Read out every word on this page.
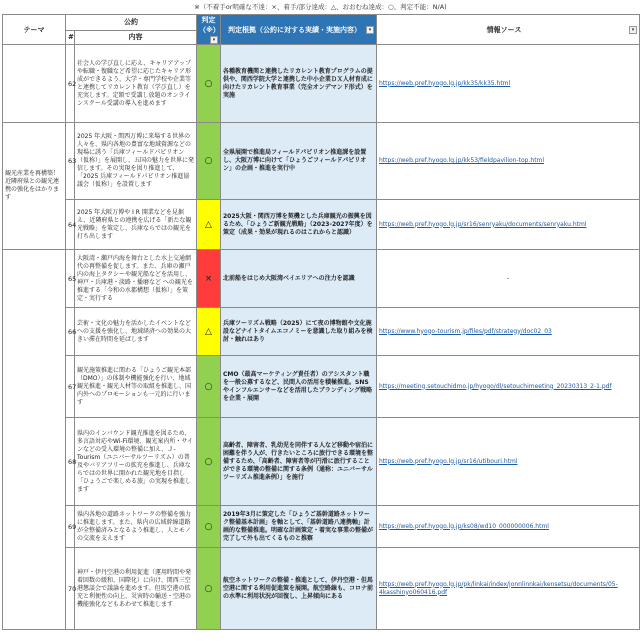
※（不着手or明確な不達：×、着手/部分達成：△、おおむね達成：○、判定不能：N/A)
テーマ	公約		判定（※）
▾	判定根拠（公約に対する実績・実施内容） ▾	情報ソース ▾

	#	内容			
	62	社会人の学び直しに応え、キャリアアップや転職・復職など希望に応じたキャリア形成ができるよう、大学・専門学校や企業等と連携してリカレント教育（学び直し）を充実します。定額で受講し放題のオンラインスクール受講の導入を進めます	○	各種教育機関と連携したリカレント教育プログラムの提供や、関西学院大学と連携した中小企業ＤＸ人材育成に向けたリカレント教育事業（完全オンデマンド形式）を実施	https://web.pref.hyogo.lg.jp/kk35/kk35.html
観光産業を再構築！ 近隣府県との観光連携の強化をはかります	63	2025 年大阪・関西万博に来場する世界の人々を、県内各地の豊富な地域資源などの現場に誘う「兵庫フィールドパビリオン（仮称）」を展開し、五国の魅力を世界に発信します。その実現を図り推進して、「2025 兵庫フィールドパビリオン推進協議会（仮称）」を設置します	○	全県展開で推進局フィールドパビリオン推進課を設置し、大阪万博に向けて「ひょうごフィールドパビリオン」の企画・推進を実行中	https://web.pref.hyogo.lg.jp/kk53/fieldpavilion-top.html
	64	2025 年大阪万博や I R 開業などを見据え、近隣府県との連携を広げる「新たな観光戦略」を策定し、兵庫ならではの観光を打ち出します	△	2025大阪・関西万博を契機とした兵庫観光の振興を図るため、「ひょうご新観光戦略」（2023-2027年度）を策定（成果・効果が現れるのはこれからと認識）	https://web.pref.hyogo.lg.jp/sr16/senryaku/documents/senryaku.html
	65	大阪湾・瀬戸内海を舞台とした水上交通網代の再整備を促します。また、兵庫の瀬戸内の海上タクシーや観光船などを活用し、神戸・兵庫港・淡路・播磨など への観光を推進する「今和の水都構想（仮称）」を策定・実行する	×	北前船をはじめ大阪湾ベイエリアへの注力を認識	-
	66	芸術・文化の魅力を活かしたイベントなどへの支援を強化し、地域経済への効果の大きい滞在時間を延ばします	△	兵庫ツーリズム戦略（2025）にて夜の博物館や文化施設などナイトタイムエコノミーを意識した取り組みを検討・触れはあり	https://www.hyogo-tourism.jp/files/pdf/strategy/doc02_03
	67	観光施策推進に関わる「ひょうご観光本部（DMO）」の体制や機能強化を行い、地域観光推進・観光人材等の取組を推進し、国内外へのプロモーションも一元的に行います	○	CMO（最高マーケティング責任者）のアシスタント職を一般公募するなど、民間人の活用を積極推進。SNSやインフルエンサーなどを活用したブランディング戦略を企業・展開	https://meeting.setouchidmo.jp/hyogo/dl/setouchimeeting_20230313_2-1.pdf
	68	県内のインバウンド観光推進を図るため、多言語対応やWi-Fi環境、観光案内所・サインなどの受入環境の整備に加え、Ｊ-Tourism（ユニバーサルツーリズム）の普及やバリアフリーの拡充を推進し、兵庫ならではの世界に開かれた観光地を目指し「ひょうごで楽しめる旅」の実現を推進します	○	高齢者、障害者、乳幼児を同伴する人など移動や宿泊に困難を伴う人が、行きたいところに旅行できる環境を整備するため、「高齢者、障害者等が円滑に旅行することができる環境の整備に関する条例（通称：ユニバーサルツーリズム推進条例）」を施行	https://web.pref.hyogo.lg.jp/sr16/utibouri.html
	69	県内各地の道路ネットワークの整備を強力に推進します。また、県内の広域幹線道路が全整備済みとなるよう推進し、人とモノの交流を支えます	○	2019年3月に策定した「ひょうご基幹道路ネットワーク整備基本計画」を軸として、「基幹道路八連携軸」計画的な整備推進。明確な計画策定・着実な事業の整備が完了して外も出てくるものと推察	https://web.pref.hyogo.lg.jp/ks08/wd10_000000006.html
	70	神戸・伊丹空港の利用促進（運用時間や発着回数の緩和、国際化）に向け、関西三空港懇談会で議論を進めます。但馬空港の拡充と利便性の向上、災害時の輸送・空港の機能強化などもあわせて推進します	○	航空ネットワークの整備・推進として、伊丹空港・但馬空港に関する利用促進策を展開。航空路線も、コロナ前の水準に利用状況が回復し、上昇傾向にある	https://web.pref.hyogo.lg.jp/pk/linkai/index/jonnlinnkai/kensetsu/documents/05-4kasshinyo060416.pdf
